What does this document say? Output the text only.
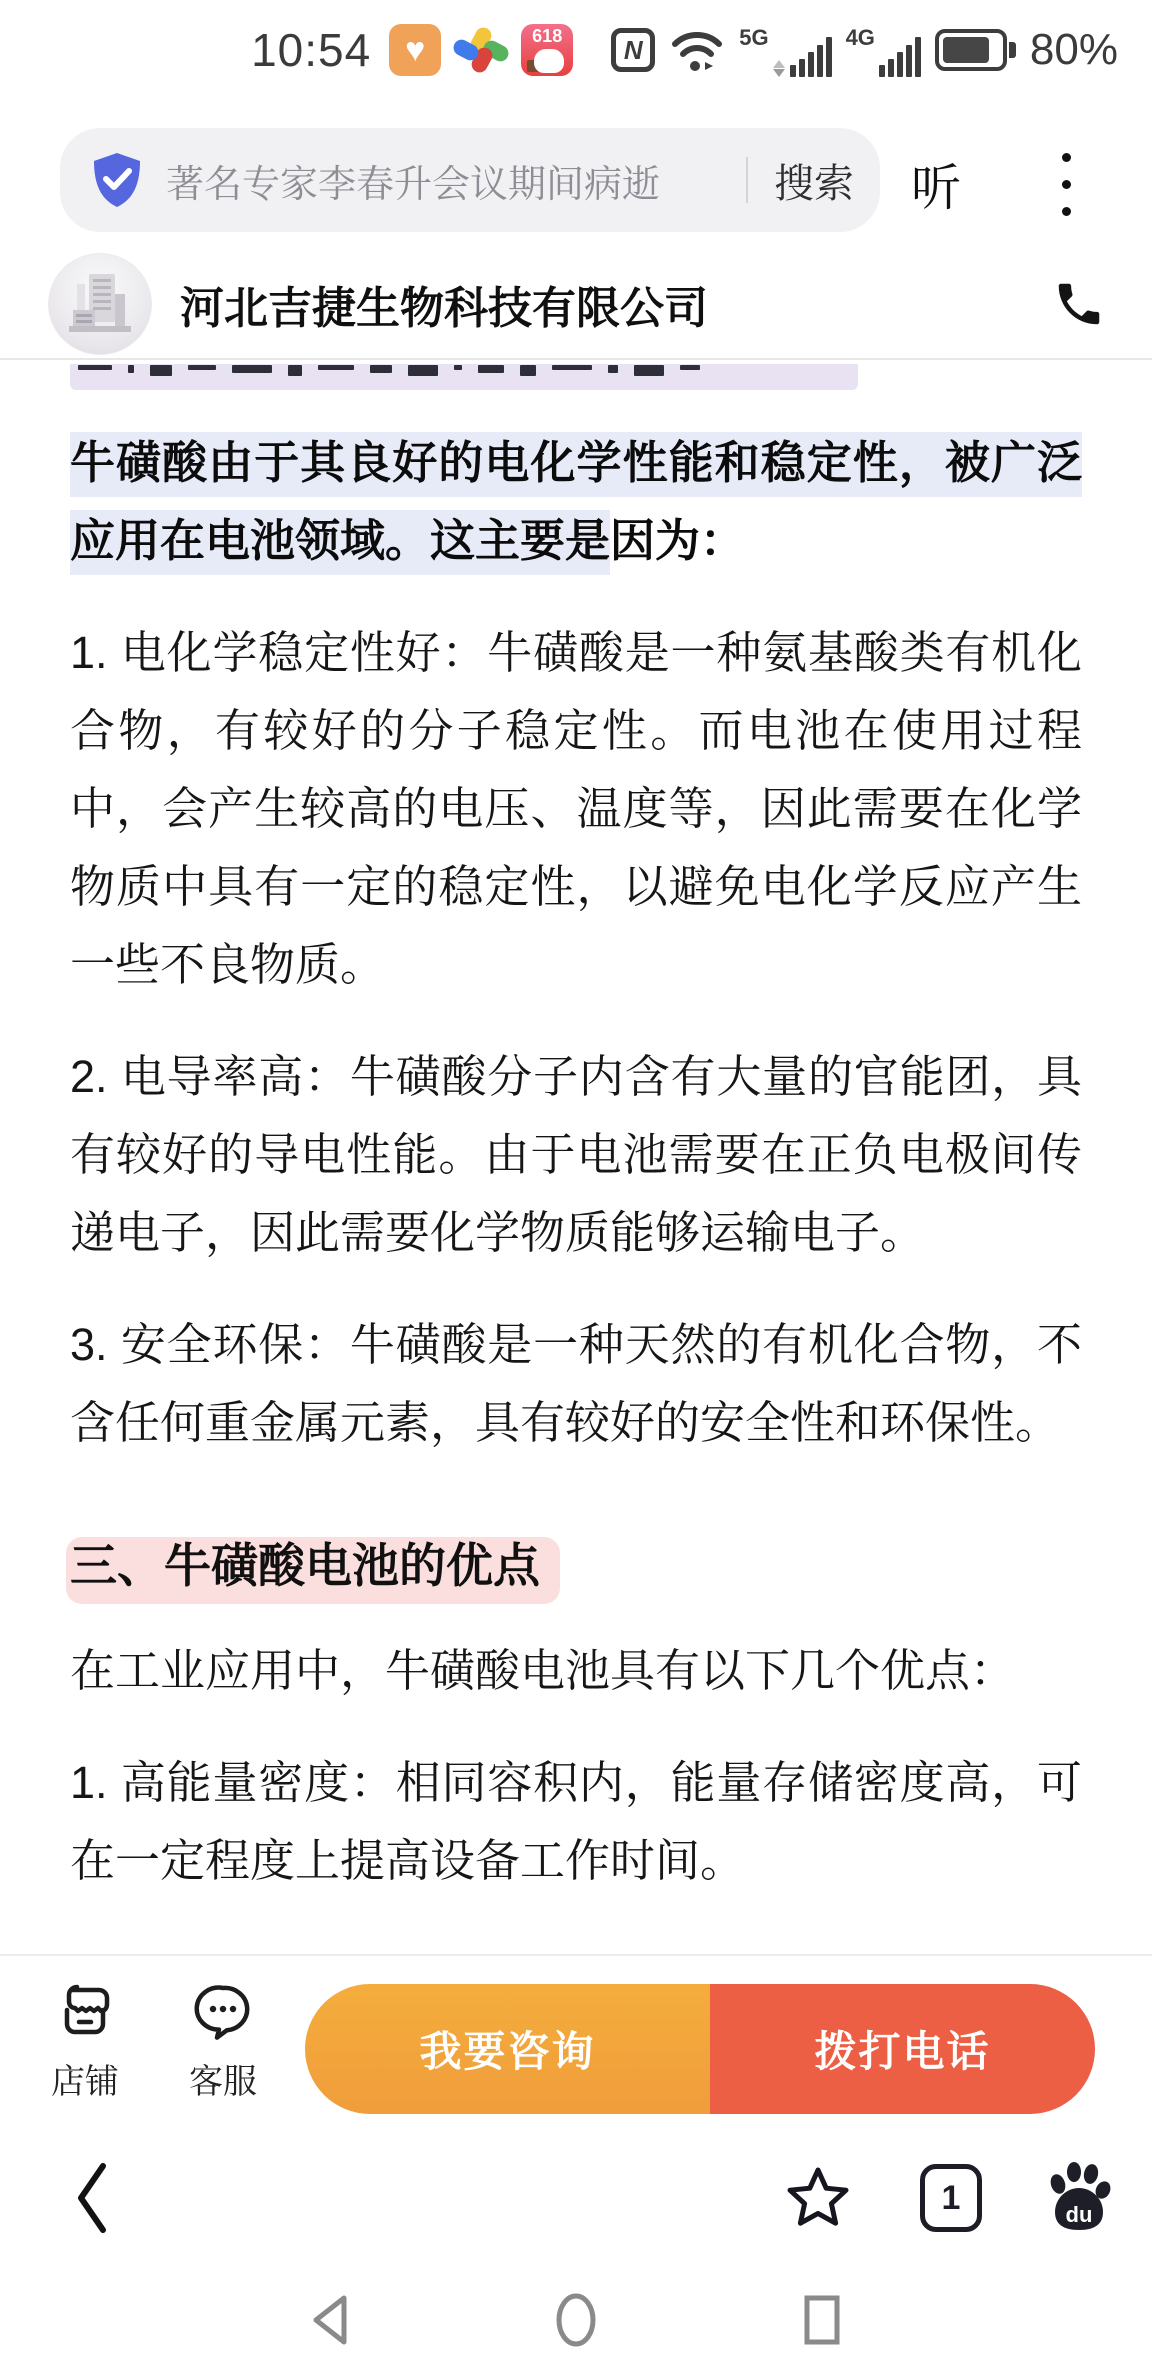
10:54 ♥	618	N	5G	4G	80%
著名专家李春升会议期间病逝	搜索 听
河北吉捷生物科技有限公司

牛磺酸由于其良好的电化学性能和稳定性，被广泛应用在电池领域。这主要是因为：

1. 电化学稳定性好：牛磺酸是一种氨基酸类有机化合物，有较好的分子稳定性。而电池在使用过程中，会产生较高的电压、温度等，因此需要在化学物质中具有一定的稳定性，以避免电化学反应产生一些不良物质。

2. 电导率高：牛磺酸分子内含有大量的官能团，具有较好的导电性能。由于电池需要在正负电极间传递电子，因此需要化学物质能够运输电子。

3. 安全环保：牛磺酸是一种天然的有机化合物，不含任何重金属元素，具有较好的安全性和环保性。

三、牛磺酸电池的优点

在工业应用中，牛磺酸电池具有以下几个优点：

1. 高能量密度：相同容积内，能量存储密度高，可在一定程度上提高设备工作时间。

店铺 客服
我要咨询	拨打电话
1	du
